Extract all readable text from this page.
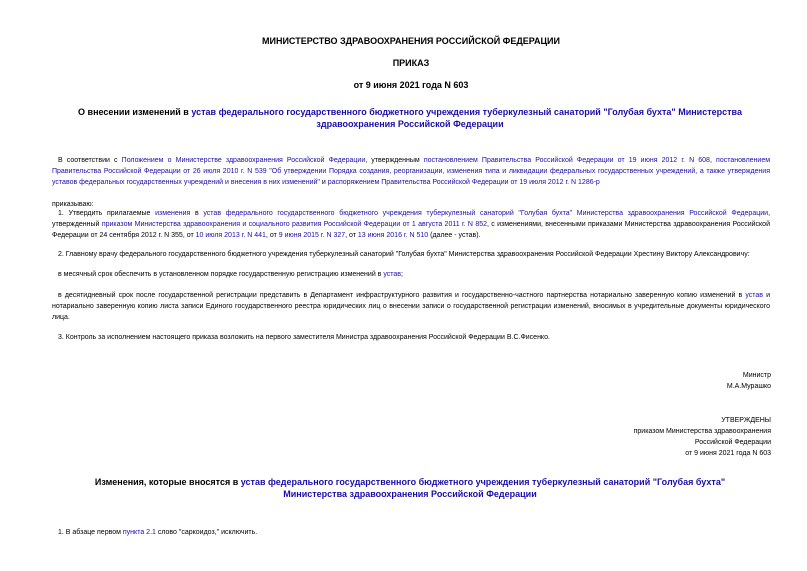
МИНИСТЕРСТВО ЗДРАВООХРАНЕНИЯ РОССИЙСКОЙ ФЕДЕРАЦИИ
ПРИКАЗ
от 9 июня 2021 года N 603
О внесении изменений в устав федерального государственного бюджетного учреждения туберкулезный санаторий "Голубая бухта" Министерства здравоохранения Российской Федерации
В соответствии с Положением о Министерстве здравоохранения Российской Федерации, утвержденным постановлением Правительства Российской Федерации от 19 июня 2012 г. N 608, постановлением Правительства Российской Федерации от 26 июля 2010 г. N 539 "Об утверждении Порядка создания, реорганизации, изменения типа и ликвидации федеральных государственных учреждений, а также утверждения уставов федеральных государственных учреждений и внесения в них изменений" и распоряжением Правительства Российской Федерации от 19 июля 2012 г. N 1286-р
приказываю:
1. Утвердить прилагаемые изменения в устав федерального государственного бюджетного учреждения туберкулезный санаторий "Голубая бухта" Министерства здравоохранения Российской Федерации, утвержденный приказом Министерства здравоохранения и социального развития Российской Федерации от 1 августа 2011 г. N 852, с изменениями, внесенными приказами Министерства здравоохранения Российской Федерации от 24 сентября 2012 г. N 355, от 10 июля 2013 г. N 441, от 9 июня 2015 г. N 327, от 13 июня 2016 г. N 510 (далее - устав).
2. Главному врачу федерального государственного бюджетного учреждения туберкулезный санаторий "Голубая бухта" Министерства здравоохранения Российской Федерации Хрестину Виктору Александровичу:
в месячный срок обеспечить в установленном порядке государственную регистрацию изменений в устав;
в десятидневный срок после государственной регистрации представить в Департамент инфраструктурного развития и государственно-частного партнерства нотариально заверенную копию изменений в устав и нотариально заверенную копию листа записи Единого государственного реестра юридических лиц о внесении записи о государственной регистрации изменений, вносимых в учредительные документы юридического лица.
3. Контроль за исполнением настоящего приказа возложить на первого заместителя Министра здравоохранения Российской Федерации В.С.Фисенко.
Министр
М.А.Мурашко
УТВЕРЖДЕНЫ
приказом Министерства здравоохранения
Российской Федерации
от 9 июня 2021 года N 603
Изменения, которые вносятся в устав федерального государственного бюджетного учреждения туберкулезный санаторий "Голубая бухта" Министерства здравоохранения Российской Федерации
1. В абзаце первом пункта 2.1 слово "саркоидоз," исключить.
